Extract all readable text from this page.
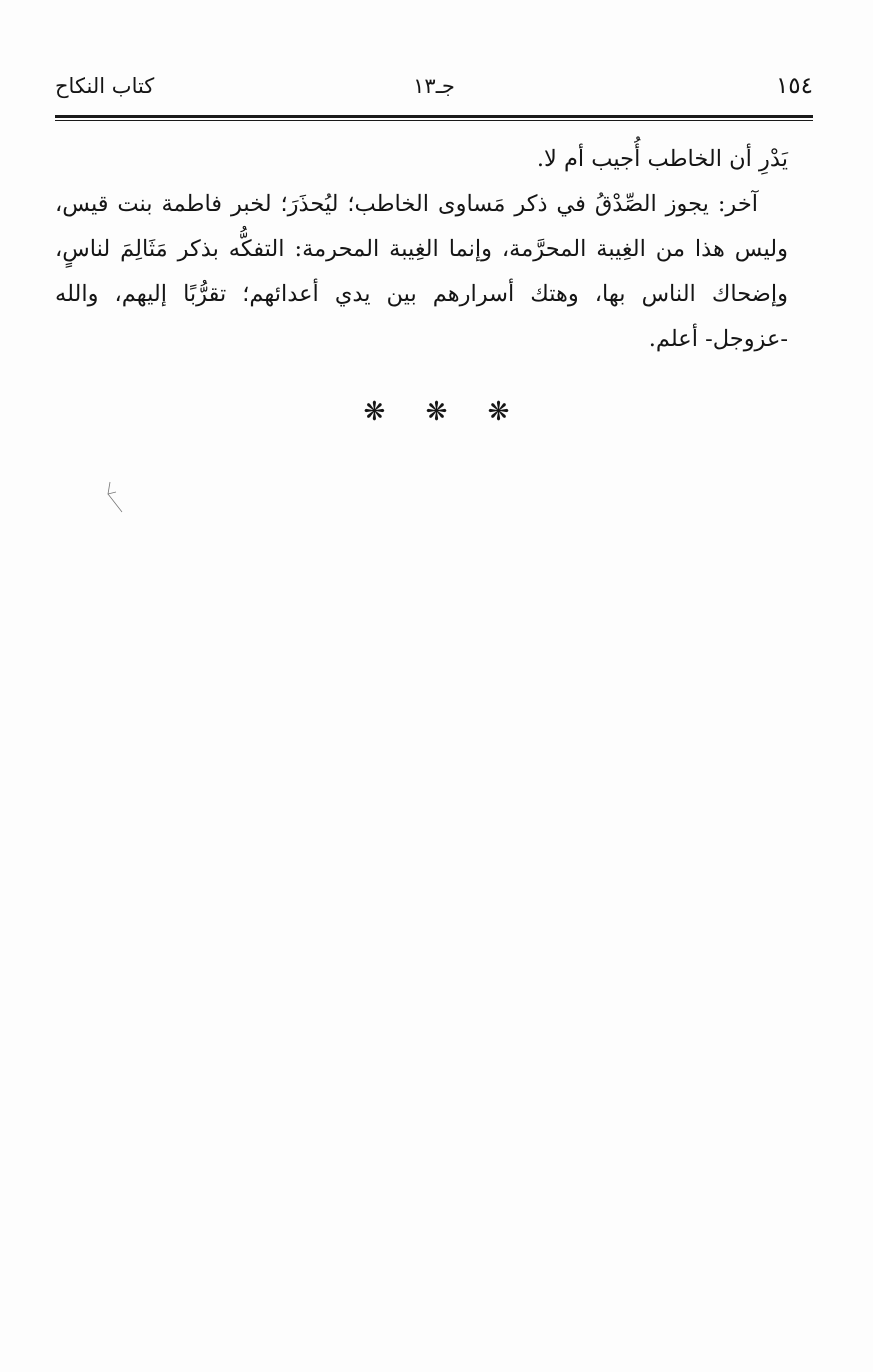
١٥٤
جـ١٣
كتاب النكاح

يَدْرِ أن الخاطب أُجيب أم لا.

آخر: يجوز الصِّدْقُ في ذكر مَساوى الخاطب؛ ليُحذَرَ؛ لخبر فاطمة بنت قيس، وليس هذا من الغِيبة المحرَّمة، وإنما الغِيبة المحرمة: التفكُّه بذكر مَثَالِمَ لناسٍ، وإضحاك الناس بها، وهتك أسرارهم بين يدي أعدائهم؛ تقرُّبًا إليهم، والله -عزوجل- أعلم.

❋ ❋ ❋
